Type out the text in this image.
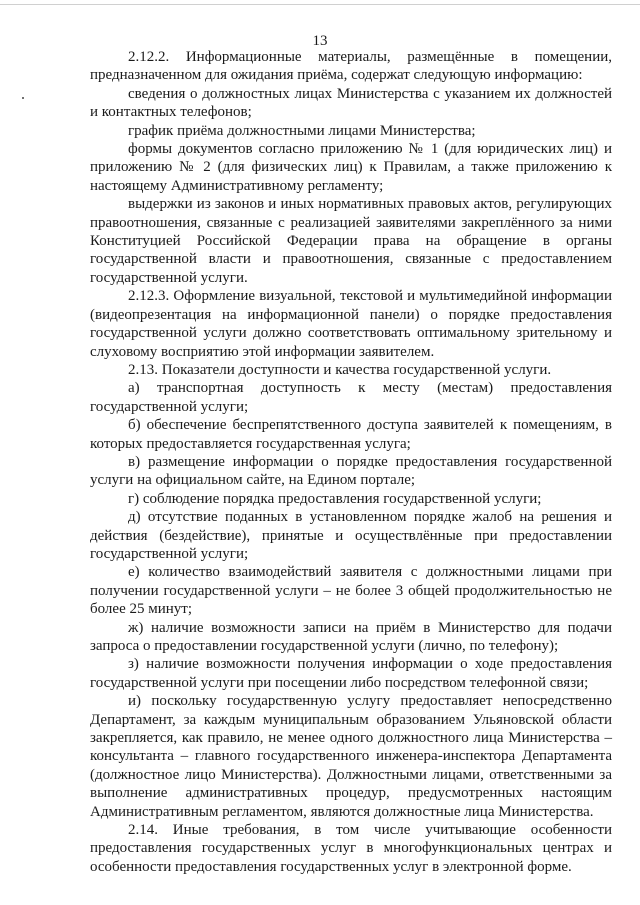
13

2.12.2. Информационные материалы, размещённые в помещении, предназначенном для ожидания приёма, содержат следующую информацию:

сведения о должностных лицах Министерства с указанием их должностей и контактных телефонов;

график приёма должностными лицами Министерства;

формы документов согласно приложению № 1 (для юридических лиц) и приложению № 2 (для физических лиц) к Правилам, а также приложению к настоящему Административному регламенту;

выдержки из законов и иных нормативных правовых актов, регулирующих правоотношения, связанные с реализацией заявителями закреплённого за ними Конституцией Российской Федерации права на обращение в органы государственной власти и правоотношения, связанные с предоставлением государственной услуги.

2.12.3. Оформление визуальной, текстовой и мультимедийной информации (видеопрезентация на информационной панели) о порядке предоставления государственной услуги должно соответствовать оптимальному зрительному и слуховому восприятию этой информации заявителем.

2.13. Показатели доступности и качества государственной услуги.

а) транспортная доступность к месту (местам) предоставления государственной услуги;

б) обеспечение беспрепятственного доступа заявителей к помещениям, в которых предоставляется государственная услуга;

в) размещение информации о порядке предоставления государственной услуги на официальном сайте, на Едином портале;

г) соблюдение порядка предоставления государственной услуги;

д) отсутствие поданных в установленном порядке жалоб на решения и действия (бездействие), принятые и осуществлённые при предоставлении государственной услуги;

е) количество взаимодействий заявителя с должностными лицами при получении государственной услуги – не более 3 общей продолжительностью не более 25 минут;

ж) наличие возможности записи на приём в Министерство для подачи запроса о предоставлении государственной услуги (лично, по телефону);

з) наличие возможности получения информации о ходе предоставления государственной услуги при посещении либо посредством телефонной связи;

и) поскольку государственную услугу предоставляет непосредственно Департамент, за каждым муниципальным образованием Ульяновской области закрепляется, как правило, не менее одного должностного лица Министерства – консультанта – главного государственного инженера-инспектора Департамента (должностное лицо Министерства). Должностными лицами, ответственными за выполнение административных процедур, предусмотренных настоящим Административным регламентом, являются должностные лица Министерства.

2.14. Иные требования, в том числе учитывающие особенности предоставления государственных услуг в многофункциональных центрах и особенности предоставления государственных услуг в электронной форме.
